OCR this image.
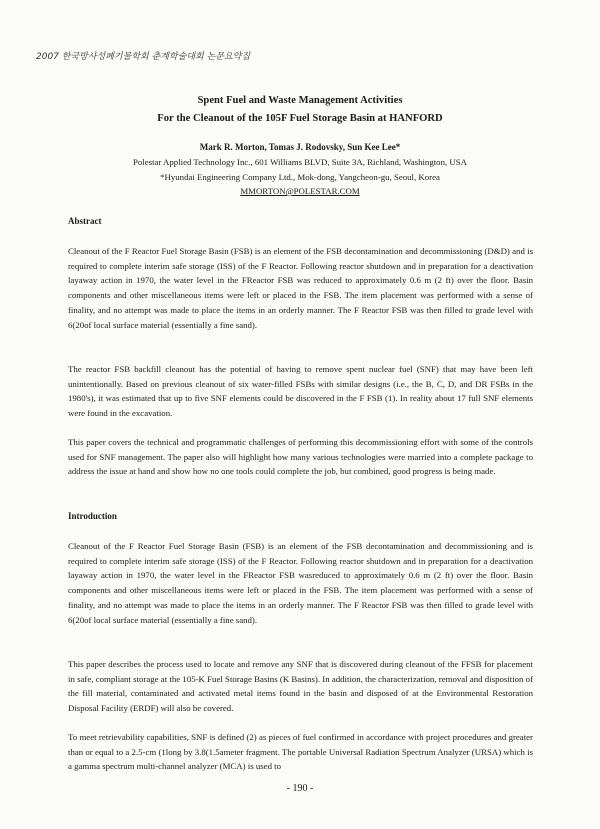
2007 한국방사성폐기물학회 춘계학술대회 논문요약집
Spent Fuel and Waste Management Activities
For the Cleanout of the 105F Fuel Storage Basin at HANFORD
Mark R. Morton, Tomas J. Rodovsky, Sun Kee Lee*
Polestar Applied Technology Inc., 601 Williams BLVD, Suite 3A, Richland, Washington, USA
*Hyundai Engineering Company Ltd., Mok-dong, Yangcheon-gu, Seoul, Korea
MMORTON@POLESTAR.COM
Abstract
Cleanout of the F Reactor Fuel Storage Basin (FSB) is an element of the FSB decontamination and decommissioning (D&D) and is required to complete interim safe storage (ISS) of the F Reactor. Following reactor shutdown and in preparation for a deactivation layaway action in 1970, the water level in the FReactor FSB was reduced to approximately 0.6 m (2 ft) over the floor. Basin components and other miscellaneous items were left or placed in the FSB. The item placement was performed with a sense of finality, and no attempt was made to place the items in an orderly manner. The F Reactor FSB was then filled to grade level with 6(20of local surface material (essentially a fine sand).
The reactor FSB backfill cleanout has the potential of having to remove spent nuclear fuel (SNF) that may have been left unintentionally. Based on previous cleanout of six water-filled FSBs with similar designs (i.e., the B, C, D, and DR FSBs in the 1980's), it was estimated that up to five SNF elements could be discovered in the F FSB (1). In reality about 17 full SNF elements were found in the excavation.
This paper covers the technical and programmatic challenges of performing this decommissioning effort with some of the controls used for SNF management. The paper also will highlight how many various technologies were married into a complete package to address the issue at hand and show how no one tools could complete the job, but combined, good progress is being made.
Introduction
Cleanout of the F Reactor Fuel Storage Basin (FSB) is an element of the FSB decontamination and decommissioning and is required to complete interim safe storage (ISS) of the F Reactor. Following reactor shutdown and in preparation for a deactivation layaway action in 1970, the water level in the FReactor FSB wasreduced to approximately 0.6 m (2 ft) over the floor. Basin components and other miscellaneous items were left or placed in the FSB. The item placement was performed with a sense of finality, and no attempt was made to place the items in an orderly manner. The F Reactor FSB was then filled to grade level with 6(20of local surface material (essentially a fine sand).
This paper describes the process used to locate and remove any SNF that is discovered during cleanout of the FFSB for placement in safe, compliant storage at the 105-K Fuel Storage Basins (K Basins). In addition, the characterization, removal and disposition of the fill material, contaminated and activated metal items found in the basin and disposed of at the Environmental Restoration Disposal Facility (ERDF) will also be covered.
To meet retrievability capabilities, SNF is defined (2) as pieces of fuel confirmed in accordance with project procedures and greater than or equal to a 2.5-cm (1long by 3.8(1.5ameter fragment. The portable Universal Radiation Spectrum Analyzer (URSA) which is a gamma spectrum multi-channel analyzer (MCA) is used to
- 190 -
